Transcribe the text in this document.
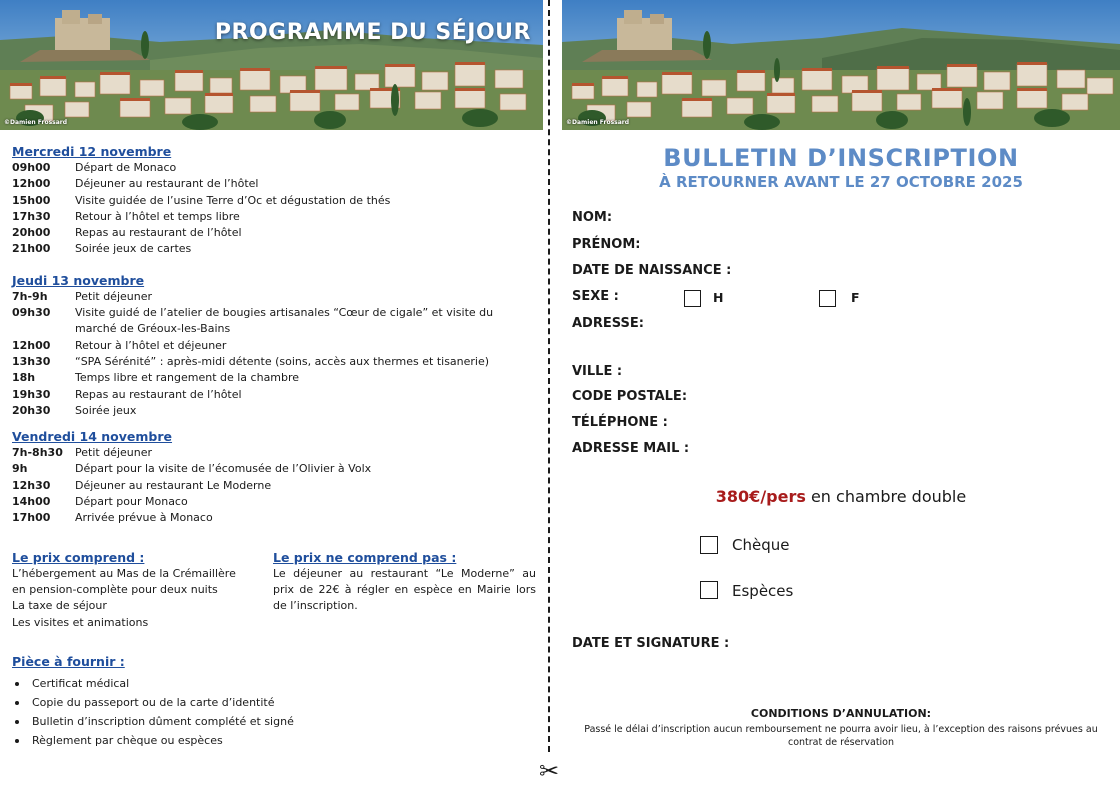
PROGRAMME DU SÉJOUR
©Damien Frossard	©Damien Frossard
✂
Mercredi 12 novembre
09h00	Départ de Monaco
12h00	Déjeuner au restaurant de l’hôtel
15h00	Visite guidée de l’usine Terre d’Oc et dégustation de thés
17h30	Retour à l’hôtel et temps libre
20h00	Repas au restaurant de l’hôtel
21h00	Soirée jeux de cartes
Jeudi 13 novembre
7h-9h	Petit déjeuner
09h30	Visite guidé de l’atelier de bougies artisanales “Cœur de cigale” et visite du marché de Gréoux-les-Bains
12h00	Retour à l’hôtel et déjeuner
13h30	“SPA Sérénité” : après-midi détente (soins, accès aux thermes et tisanerie)
18h	Temps libre et rangement de la chambre
19h30	Repas au restaurant de l’hôtel
20h30	Soirée jeux
Vendredi 14 novembre
7h-8h30	Petit déjeuner
9h	Départ pour la visite de l’écomusée de l’Olivier à Volx
12h30	Déjeuner au restaurant Le Moderne
14h00	Départ pour Monaco
17h00	Arrivée prévue à Monaco
Le prix comprend :
L’hébergement au Mas de la Crémaillère
en pension-complète pour deux nuits
La taxe de séjour
Les visites et animations
Le prix ne comprend pas :
Le déjeuner au restaurant “Le Moderne” au prix de 22€ à régler en espèce en Mairie lors de l’inscription.
Pièce à fournir :
Certificat médical
Copie du passeport ou de la carte d’identité
Bulletin d’inscription dûment complété et signé
Règlement par chèque ou espèces
BULLETIN D’INSCRIPTION
À RETOURNER AVANT LE 27 OCTOBRE 2025
NOM:
PRÉNOM:
DATE DE NAISSANCE :
SEXE :	H	F
ADRESSE:
VILLE :
CODE POSTALE:
TÉLÉPHONE :
ADRESSE MAIL :
380€/pers en chambre double
Chèque
Espèces
DATE ET SIGNATURE :
CONDITIONS D’ANNULATION:
Passé le délai d’inscription aucun remboursement ne pourra avoir lieu, à l’exception des raisons prévues au contrat de réservation
